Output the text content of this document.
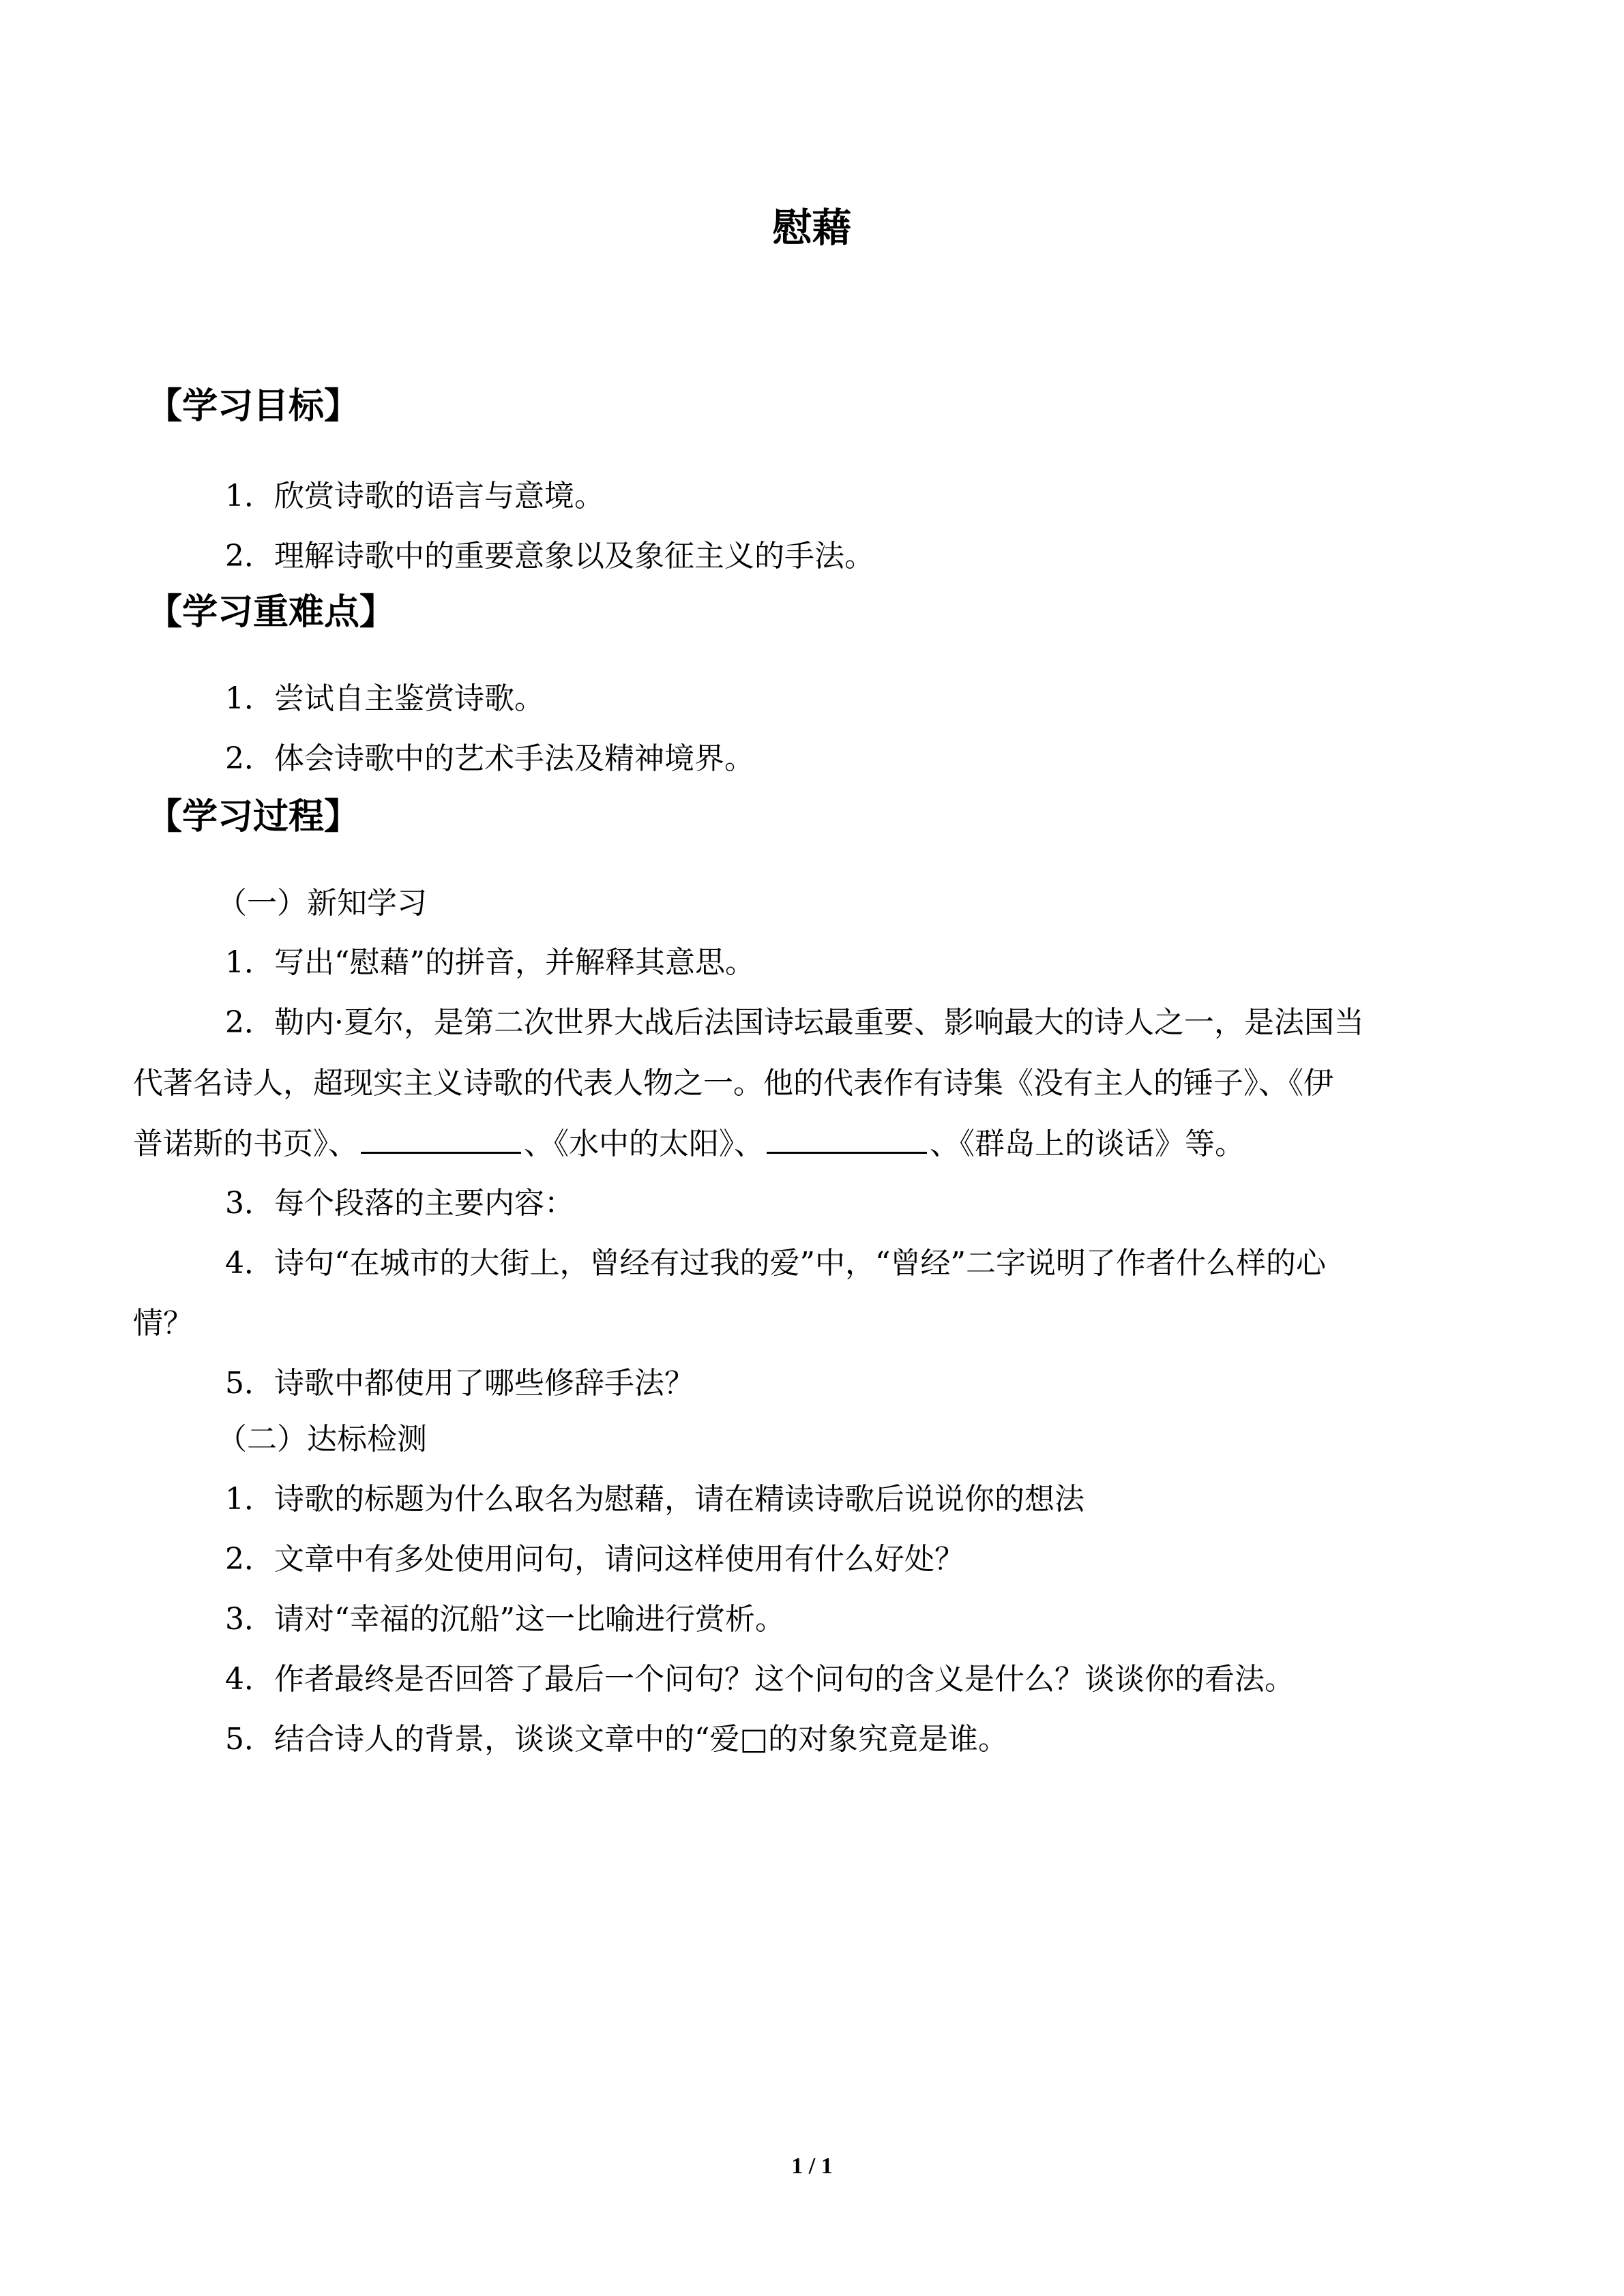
慰藉
【学习目标】
1．欣赏诗歌的语言与意境。
2．理解诗歌中的重要意象以及象征主义的手法。
【学习重难点】
1．尝试自主鉴赏诗歌。
2．体会诗歌中的艺术手法及精神境界。
【学习过程】
（一）新知学习
1．写出“慰藉”的拼音，并解释其意思。
2．勒内·夏尔，是第二次世界大战后法国诗坛最重要、影响最大的诗人之一，是法国当
代著名诗人，超现实主义诗歌的代表人物之一。他的代表作有诗集《没有主人的锤子》、《伊
普诺斯的书页》、	、《水中的太阳》、	、《群岛上的谈话》等。
3．每个段落的主要内容：
4．诗句“在城市的大街上，曾经有过我的爱”中，“曾经”二字说明了作者什么样的心
情？
5．诗歌中都使用了哪些修辞手法？
（二）达标检测
1．诗歌的标题为什么取名为慰藉，请在精读诗歌后说说你的想法
2．文章中有多处使用问句，请问这样使用有什么好处？
3．请对“幸福的沉船”这一比喻进行赏析。
4．作者最终是否回答了最后一个问句？这个问句的含义是什么？谈谈你的看法。
5．结合诗人的背景，谈谈文章中的“爱□的对象究竟是谁。
1 / 1
